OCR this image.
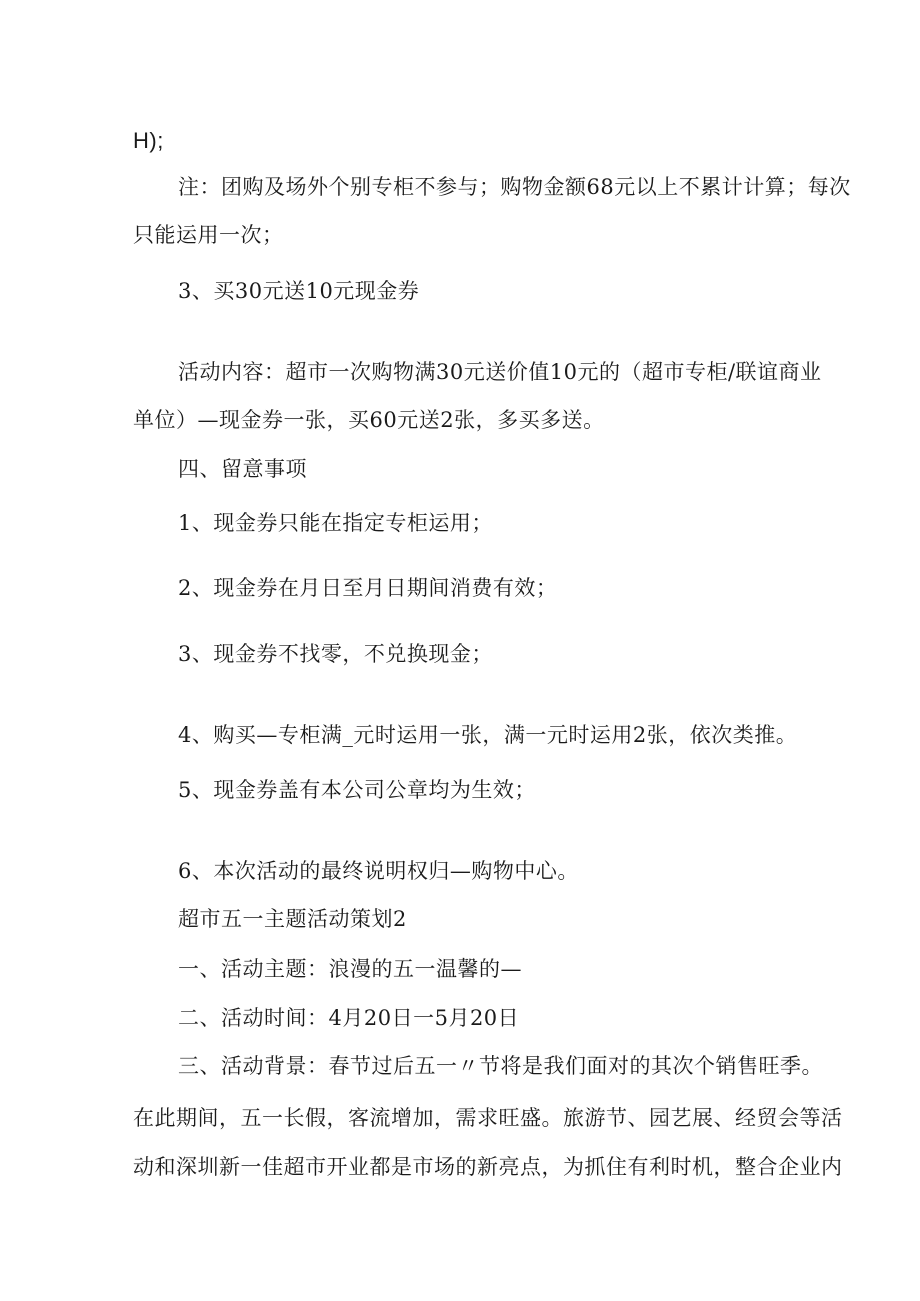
H);
注：团购及场外个别专柜不参与；购物金额68元以上不累计计算；每次
只能运用一次；
3、买30元送10元现金券
活动内容：超市一次购物满30元送价值10元的（超市专柜/联谊商业
单位）—现金券一张，买60元送2张，多买多送。
四、留意事项
1、现金券只能在指定专柜运用；
2、现金券在月日至月日期间消费有效；
3、现金券不找零，不兑换现金；
4、购买—专柜满_元时运用一张，满一元时运用2张，依次类推。
5、现金券盖有本公司公章均为生效；
6、本次活动的最终说明权归—购物中心。
超市五一主题活动策划2
一、活动主题：浪漫的五一温馨的—
二、活动时间：4月20日一5月20日
三、活动背景：春节过后五一〃节将是我们面对的其次个销售旺季。
在此期间，五一长假，客流增加，需求旺盛。旅游节、园艺展、经贸会等活
动和深圳新一佳超市开业都是市场的新亮点，为抓住有利时机，整合企业内
